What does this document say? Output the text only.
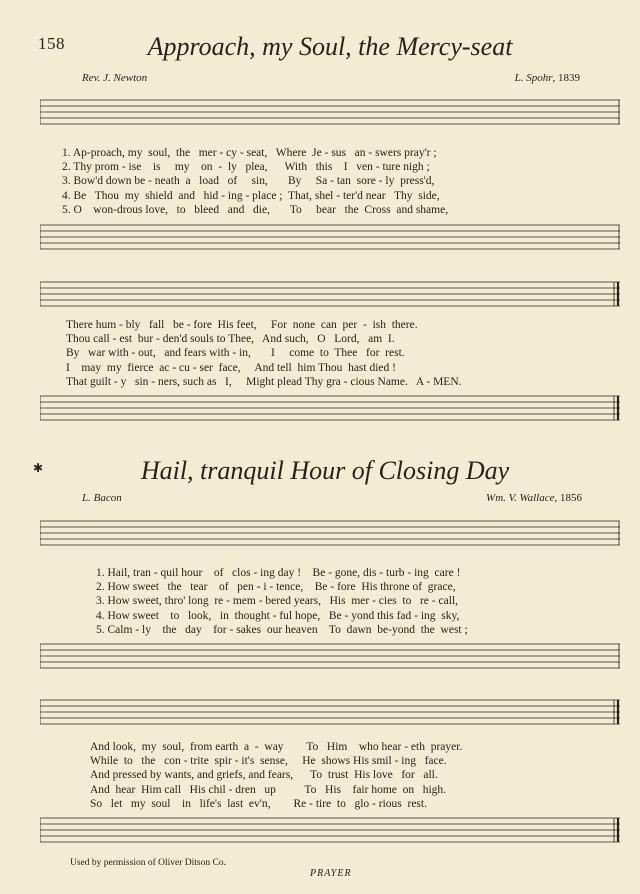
158	Approach, my Soul, the Mercy-seat
Rev. J. Newton	L. Spohr, 1839
1. Ap-proach, my  soul,  the   mer - cy - seat,   Where  Je - sus   an - swers pray'r ;
2. Thy prom - ise    is     my    on  -  ly   plea,      With   this    I   ven - ture nigh ;
3. Bow'd down be - neath  a   load   of     sin,       By     Sa - tan  sore - ly  press'd,
4. Be   Thou  my  shield  and   hid - ing - place ;  That, shel - ter'd near   Thy  side,
5. O    won-drous love,   to   bleed   and   die,       To     bear   the  Cross  and shame,
There hum - bly   fall   be - fore  His feet,     For  none  can  per  -  ish  there.
Thou call - est  bur - den'd souls to Thee,   And such,   O   Lord,   am  I.
By   war with - out,   and fears with - in,       I     come  to  Thee   for  rest.
I    may  my  fierce  ac - cu - ser  face,     And tell  him Thou  hast died !
That guilt - y   sin - ners, such as   I,     Might plead Thy gra - cious Name.   A - MEN.
✱	Hail, tranquil Hour of Closing Day
L. Bacon	Wm. V. Wallace, 1856
1. Hail, tran - quil hour    of   clos - ing day !    Be - gone, dis - turb - ing  care !
2. How sweet   the   tear    of   pen - i - tence,    Be - fore  His throne of  grace,
3. How sweet, thro' long  re - mem - bered years,   His  mer - cies  to   re - call,
4. How sweet    to   look,   in  thought - ful hope,   Be - yond this fad - ing  sky,
5. Calm - ly    the   day    for - sakes  our heaven    To  dawn  be-yond  the  west ;
And look,  my  soul,  from earth  a  -  way        To   Him    who hear - eth  prayer.
While  to   the   con - trite  spir - it's  sense,     He  shows His smil - ing   face.
And pressed by wants, and griefs, and fears,      To  trust  His love   for   all.
And  hear  Him call   His chil - dren   up          To   His    fair home  on   high.
So   let   my  soul    in   life's  last  ev'n,        Re - tire  to   glo - rious  rest.
Used by permission of Oliver Ditson Co.
PRAYER
